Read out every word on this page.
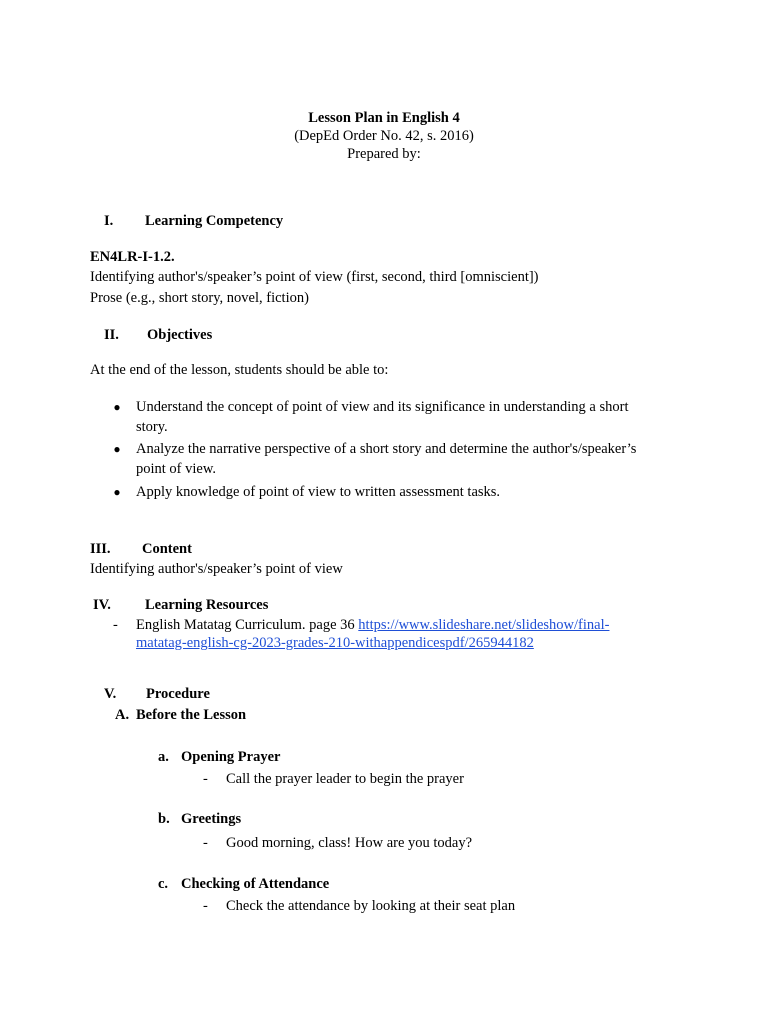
Lesson Plan in English 4
(DepEd Order No. 42, s. 2016)
Prepared by:
I. Learning Competency
EN4LR-I-1.2.
Identifying author's/speaker’s point of view (first, second, third [omniscient])
Prose (e.g., short story, novel, fiction)
II. Objectives
At the end of the lesson, students should be able to:
● Understand the concept of point of view and its significance in understanding a short
story.
● Analyze the narrative perspective of a short story and determine the author's/speaker’s
point of view.
● Apply knowledge of point of view to written assessment tasks.
III. Content
Identifying author's/speaker’s point of view
IV. Learning Resources
- English Matatag Curriculum. page 36 https://www.slideshare.net/slideshow/final-
matatag-english-cg-2023-grades-210-withappendicespdf/265944182
V. Procedure
A. Before the Lesson
a. Opening Prayer
- Call the prayer leader to begin the prayer
b. Greetings
- Good morning, class! How are you today?
c. Checking of Attendance
- Check the attendance by looking at their seat plan
